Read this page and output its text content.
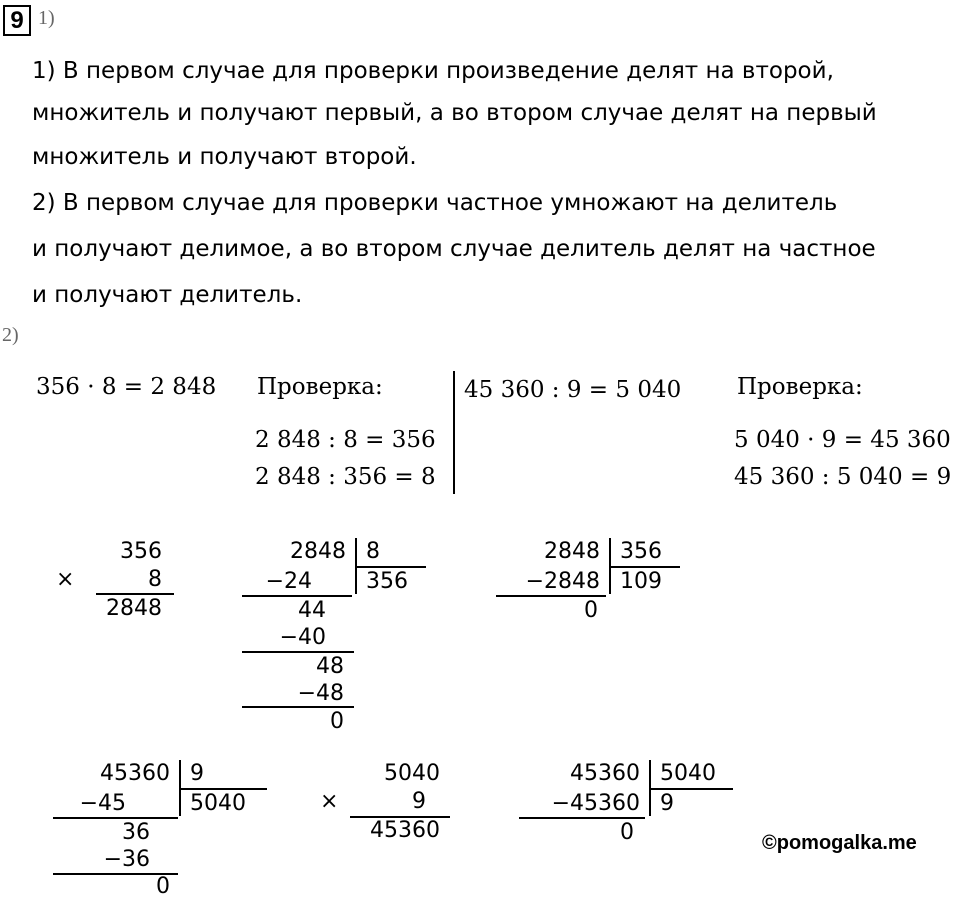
9 1)
1) В первом случае для проверки произведение делят на второй,
множитель и получают первый, а во втором случае делят на первый
множитель и получают второй.
2) В первом случае для проверки частное умножают на делитель
и получают делимое, а во втором случае делитель делят на частное
и получают делитель.
2)
356 · 8 = 2 848 Проверка:
2 848 : 8 = 356
2 848 : 356 = 8
45 360 : 9 = 5 040 Проверка:
5 040 · 9 = 45 360
45 360 : 5 040 = 9
×
356
8
2848
2848 8
356
−24
44
−40
48
−48
0
2848 356
109
−2848
0
45360 9
5040
−45
36
−36
0
×
5040
9
45360
45360 5040
9
−45360
0	©pomogalka.me
